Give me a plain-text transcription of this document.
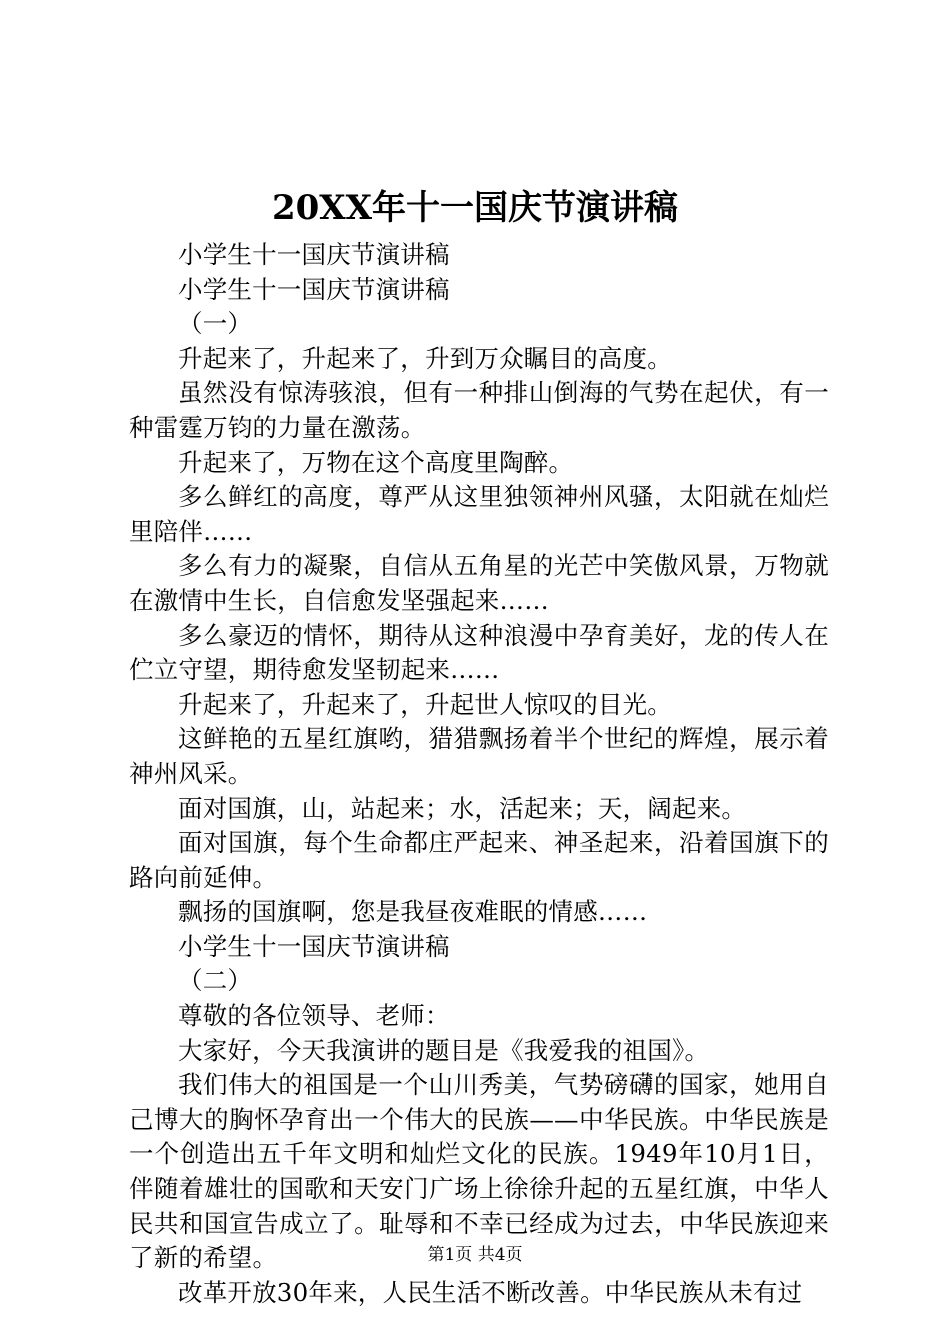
20XX年十一国庆节演讲稿

小学生十一国庆节演讲稿

小学生十一国庆节演讲稿

（一）

升起来了，升起来了，升到万众瞩目的高度。

虽然没有惊涛骇浪，但有一种排山倒海的气势在起伏，有一种雷霆万钧的力量在激荡。

升起来了，万物在这个高度里陶醉。

多么鲜红的高度，尊严从这里独领神州风骚，太阳就在灿烂里陪伴……

多么有力的凝聚，自信从五角星的光芒中笑傲风景，万物就在激情中生长，自信愈发坚强起来……

多么豪迈的情怀，期待从这种浪漫中孕育美好，龙的传人在伫立守望，期待愈发坚韧起来……

升起来了，升起来了，升起世人惊叹的目光。

这鲜艳的五星红旗哟，猎猎飘扬着半个世纪的辉煌，展示着神州风采。

面对国旗，山，站起来；水，活起来；天，阔起来。

面对国旗，每个生命都庄严起来、神圣起来，沿着国旗下的路向前延伸。

飘扬的国旗啊，您是我昼夜难眠的情感……

小学生十一国庆节演讲稿

（二）

尊敬的各位领导、老师：

大家好，今天我演讲的题目是《我爱我的祖国》。

我们伟大的祖国是一个山川秀美，气势磅礴的国家，她用自己博大的胸怀孕育出一个伟大的民族——中华民族。中华民族是一个创造出五千年文明和灿烂文化的民族。1949年10月1日，伴随着雄壮的国歌和天安门广场上徐徐升起的五星红旗，中华人民共和国宣告成立了。耻辱和不幸已经成为过去，中华民族迎来了新的希望。

改革开放30年来，人民生活不断改善。中华民族从未有过

第1页 共4页
